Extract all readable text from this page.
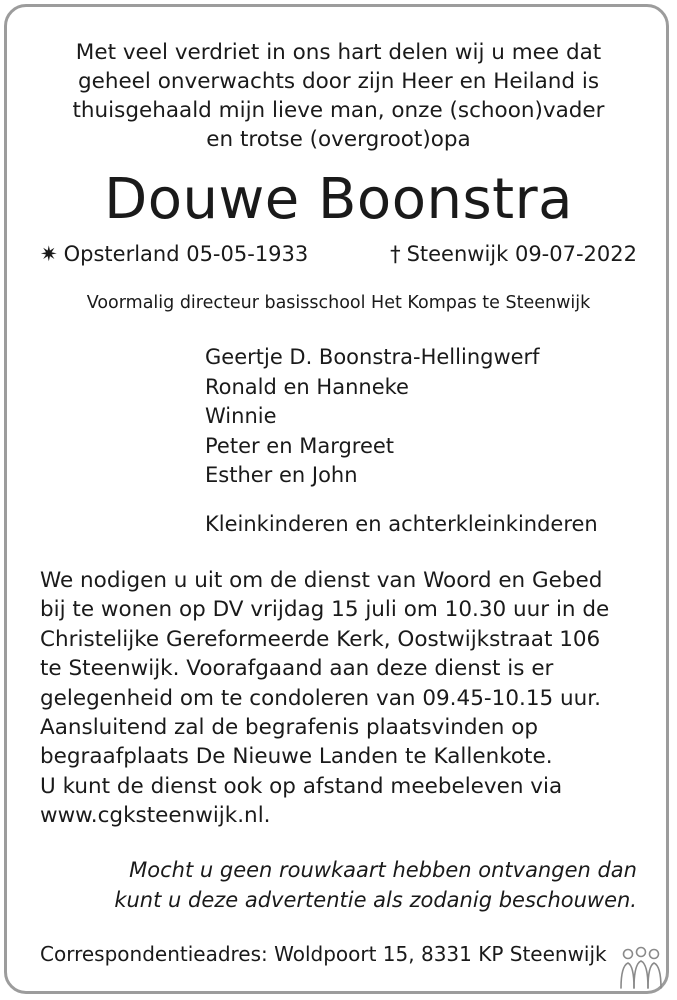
Met veel verdriet in ons hart delen wij u mee dat
geheel onverwachts door zijn Heer en Heiland is
thuisgehaald mijn lieve man, onze (schoon)vader
en trotse (overgroot)opa
Douwe Boonstra
✷ Opsterland 05-05-1933	† Steenwijk 09-07-2022
Voormalig directeur basisschool Het Kompas te Steenwijk
Geertje D. Boonstra-Hellingwerf
Ronald en Hanneke
Winnie
Peter en Margreet
Esther en John
Kleinkinderen en achterkleinkinderen
We nodigen u uit om de dienst van Woord en Gebed
bij te wonen op DV vrijdag 15 juli om 10.30 uur in de
Christelijke Gereformeerde Kerk, Oostwijkstraat 106
te Steenwijk. Voorafgaand aan deze dienst is er
gelegenheid om te condoleren van 09.45-10.15 uur.
Aansluitend zal de begrafenis plaatsvinden op
begraafplaats De Nieuwe Landen te Kallenkote.
U kunt de dienst ook op afstand meebeleven via
www.cgksteenwijk.nl.
Mocht u geen rouwkaart hebben ontvangen dan
kunt u deze advertentie als zodanig beschouwen.
Correspondentieadres: Woldpoort 15, 8331 KP Steenwijk
